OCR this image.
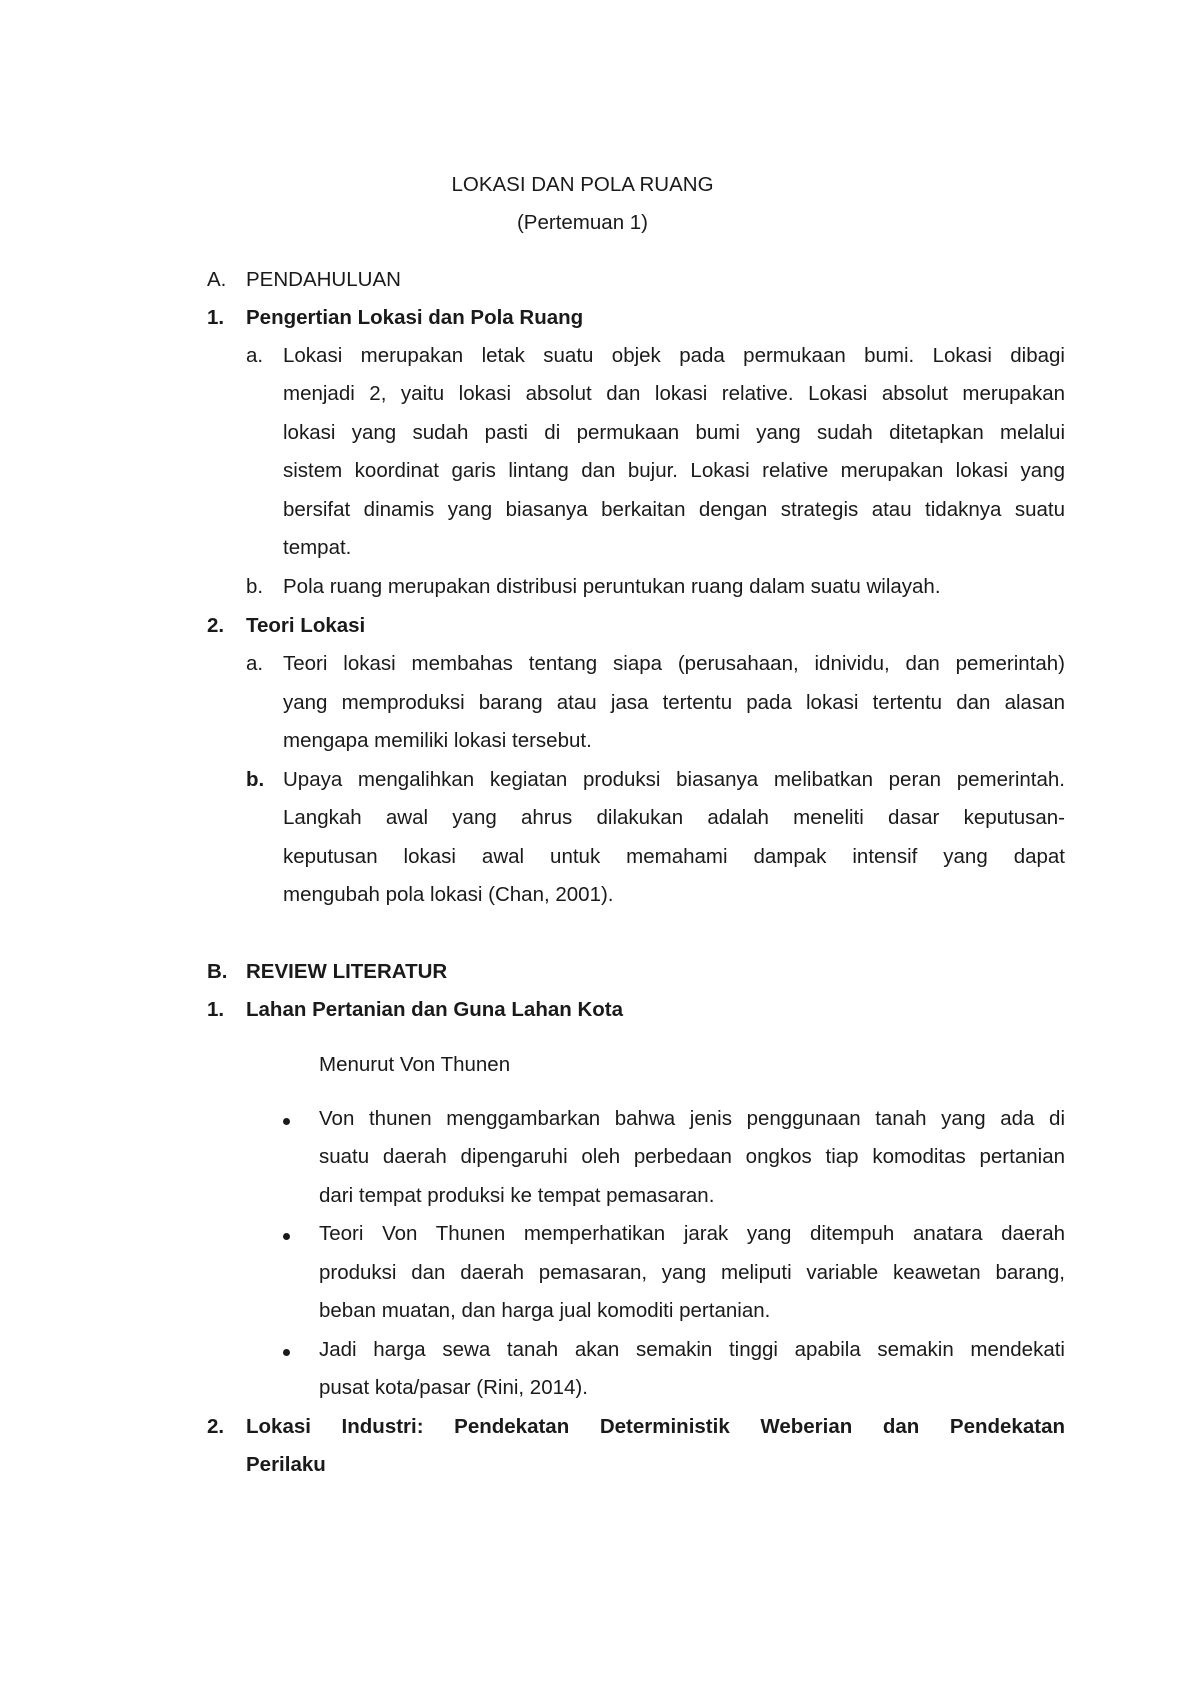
LOKASI DAN POLA RUANG
(Pertemuan 1)
A. PENDAHULUAN
1. Pengertian Lokasi dan Pola Ruang
a. Lokasi merupakan letak suatu objek pada permukaan bumi. Lokasi dibagi
menjadi 2, yaitu lokasi absolut dan lokasi relative. Lokasi absolut merupakan
lokasi yang sudah pasti di permukaan bumi yang sudah ditetapkan melalui
sistem koordinat garis lintang dan bujur. Lokasi relative merupakan lokasi yang
bersifat dinamis yang biasanya berkaitan dengan strategis atau tidaknya suatu
tempat.
b. Pola ruang merupakan distribusi peruntukan ruang dalam suatu wilayah.
2. Teori Lokasi
a. Teori lokasi membahas tentang siapa (perusahaan, idnividu, dan pemerintah)
yang memproduksi barang atau jasa tertentu pada lokasi tertentu dan alasan
mengapa memiliki lokasi tersebut.
b. Upaya mengalihkan kegiatan produksi biasanya melibatkan peran pemerintah.
Langkah awal yang ahrus dilakukan adalah meneliti dasar keputusan-
keputusan lokasi awal untuk memahami dampak intensif yang dapat
mengubah pola lokasi (Chan, 2001).
B. REVIEW LITERATUR
1. Lahan Pertanian dan Guna Lahan Kota
Menurut Von Thunen
Von thunen menggambarkan bahwa jenis penggunaan tanah yang ada di
suatu daerah dipengaruhi oleh perbedaan ongkos tiap komoditas pertanian
dari tempat produksi ke tempat pemasaran.
Teori Von Thunen memperhatikan jarak yang ditempuh anatara daerah
produksi dan daerah pemasaran, yang meliputi variable keawetan barang,
beban muatan, dan harga jual komoditi pertanian.
Jadi harga sewa tanah akan semakin tinggi apabila semakin mendekati
pusat kota/pasar (Rini, 2014).
2. Lokasi Industri: Pendekatan Deterministik Weberian dan Pendekatan
Perilaku
